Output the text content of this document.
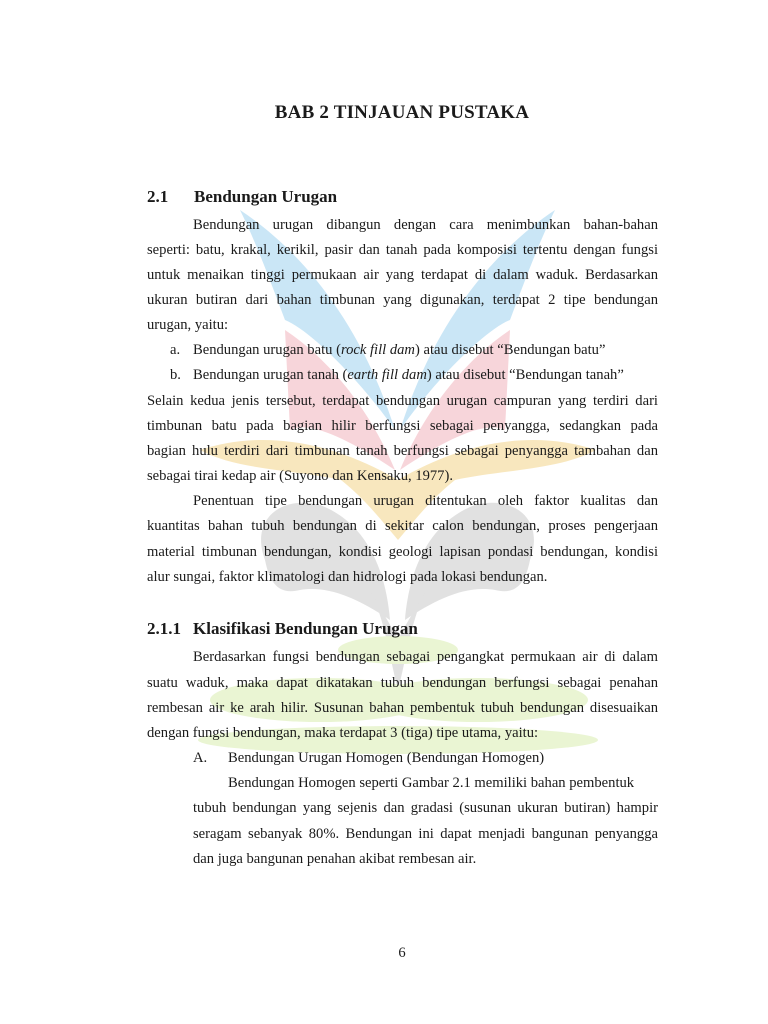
BAB 2 TINJAUAN PUSTAKA
2.1 Bendungan Urugan
Bendungan urugan dibangun dengan cara menimbunkan bahan-bahan
seperti: batu, krakal, kerikil, pasir dan tanah pada komposisi tertentu dengan fungsi
untuk menaikan tinggi permukaan air yang terdapat di dalam waduk. Berdasarkan
ukuran butiran dari bahan timbunan yang digunakan, terdapat 2 tipe bendungan
urugan, yaitu:
a. Bendungan urugan batu (rock fill dam) atau disebut “Bendungan batu”
b. Bendungan urugan tanah (earth fill dam) atau disebut “Bendungan tanah”
Selain kedua jenis tersebut, terdapat bendungan urugan campuran yang terdiri dari
timbunan batu pada bagian hilir berfungsi sebagai penyangga, sedangkan pada
bagian hulu terdiri dari timbunan tanah berfungsi sebagai penyangga tambahan dan
sebagai tirai kedap air (Suyono dan Kensaku, 1977).
Penentuan tipe bendungan urugan ditentukan oleh faktor kualitas dan
kuantitas bahan tubuh bendungan di sekitar calon bendungan, proses pengerjaan
material timbunan bendungan, kondisi geologi lapisan pondasi bendungan, kondisi
alur sungai, faktor klimatologi dan hidrologi pada lokasi bendungan.
2.1.1 Klasifikasi Bendungan Urugan
Berdasarkan fungsi bendungan sebagai pengangkat permukaan air di dalam
suatu waduk, maka dapat dikatakan tubuh bendungan berfungsi sebagai penahan
rembesan air ke arah hilir. Susunan bahan pembentuk tubuh bendungan disesuaikan
dengan fungsi bendungan, maka terdapat 3 (tiga) tipe utama, yaitu:
A. Bendungan Urugan Homogen (Bendungan Homogen)
Bendungan Homogen seperti Gambar 2.1 memiliki bahan pembentuk
tubuh bendungan yang sejenis dan gradasi (susunan ukuran butiran) hampir
seragam sebanyak 80%. Bendungan ini dapat menjadi bangunan penyangga
dan juga bangunan penahan akibat rembesan air.
6
